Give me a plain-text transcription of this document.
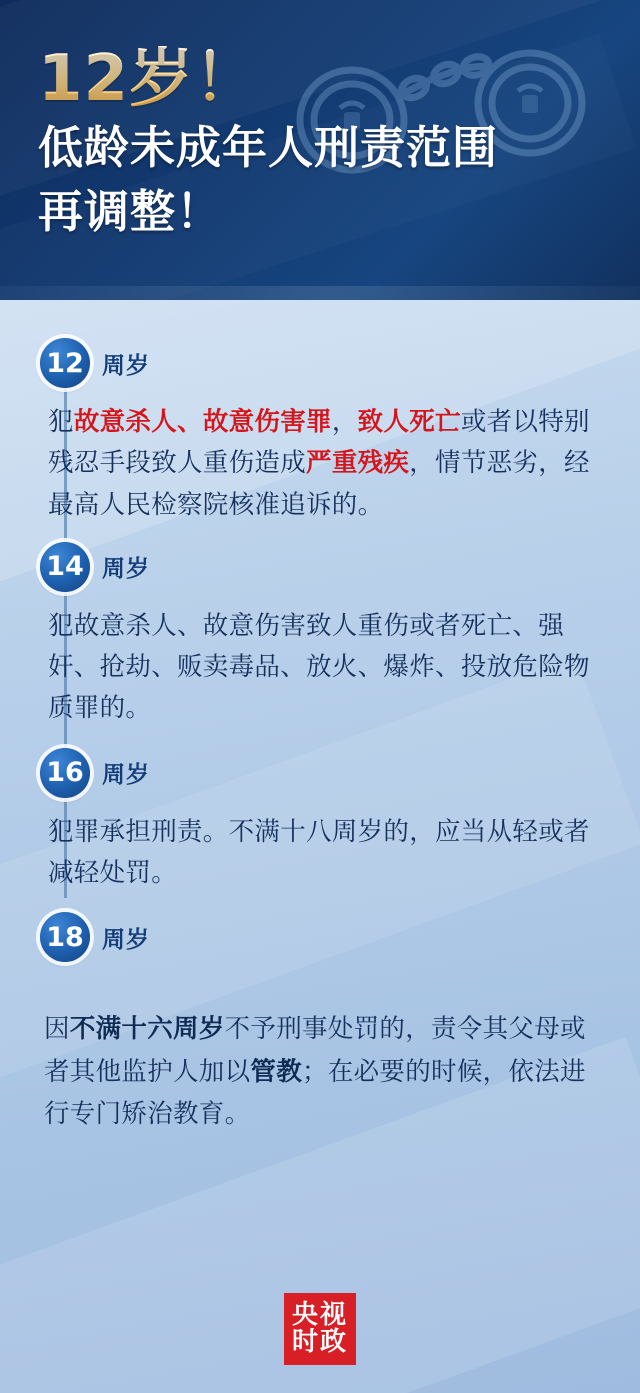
12岁！
低龄未成年人刑责范围
再调整！
12 周岁
犯故意杀人、故意伤害罪，致人死亡或者以特别残忍手段致人重伤造成严重残疾，情节恶劣，经最高人民检察院核准追诉的。
14 周岁
犯故意杀人、故意伤害致人重伤或者死亡、强奸、抢劫、贩卖毒品、放火、爆炸、投放危险物质罪的。
16 周岁
犯罪承担刑责。不满十八周岁的，应当从轻或者减轻处罚。
18 周岁
因不满十六周岁不予刑事处罚的，责令其父母或者其他监护人加以管教；在必要的时候，依法进行专门矫治教育。
央视
时政
